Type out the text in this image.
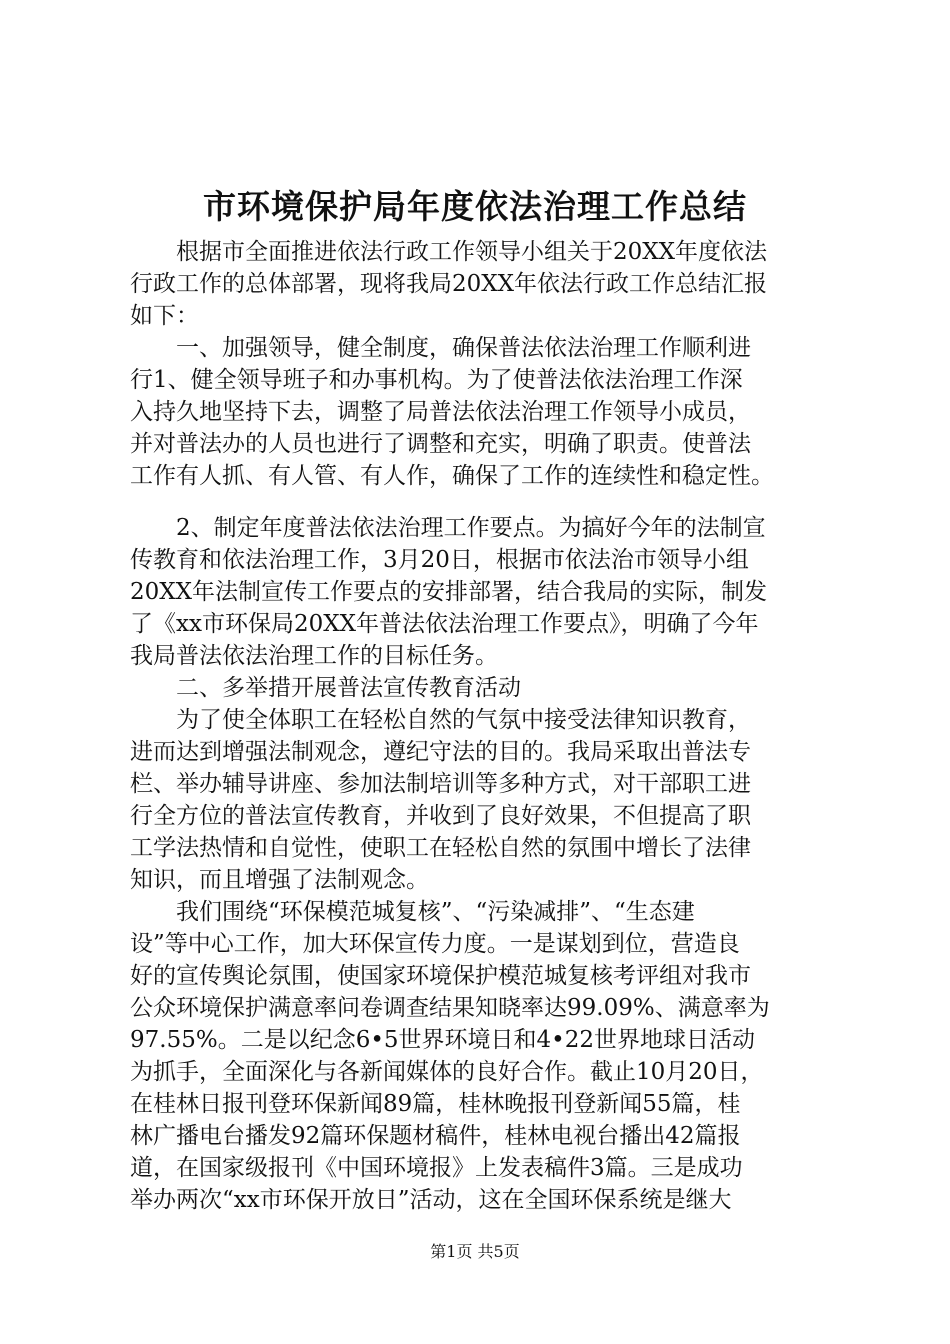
市环境保护局年度依法治理工作总结
　　根据市全面推进依法行政工作领导小组关于20XX年度依法
行政工作的总体部署，现将我局20XX年依法行政工作总结汇报
如下：
　　一、加强领导，健全制度，确保普法依法治理工作顺利进
行1、健全领导班子和办事机构。为了使普法依法治理工作深
入持久地坚持下去，调整了局普法依法治理工作领导小成员，
并对普法办的人员也进行了调整和充实，明确了职责。使普法
工作有人抓、有人管、有人作，确保了工作的连续性和稳定性。
　　2、制定年度普法依法治理工作要点。为搞好今年的法制宣
传教育和依法治理工作，3月20日，根据市依法治市领导小组
20XX年法制宣传工作要点的安排部署，结合我局的实际，制发
了《xx市环保局20XX年普法依法治理工作要点》，明确了今年
我局普法依法治理工作的目标任务。
　　二、多举措开展普法宣传教育活动
　　为了使全体职工在轻松自然的气氛中接受法律知识教育，
进而达到增强法制观念，遵纪守法的目的。我局采取出普法专
栏、举办辅导讲座、参加法制培训等多种方式，对干部职工进
行全方位的普法宣传教育，并收到了良好效果，不但提高了职
工学法热情和自觉性，使职工在轻松自然的氛围中增长了法律
知识，而且增强了法制观念。
　　我们围绕“环保模范城复核”、“污染减排”、“生态建
设”等中心工作，加大环保宣传力度。一是谋划到位，营造良
好的宣传舆论氛围，使国家环境保护模范城复核考评组对我市
公众环境保护满意率问卷调查结果知晓率达99.09%、满意率为
97.55%。二是以纪念6•5世界环境日和4•22世界地球日活动
为抓手，全面深化与各新闻媒体的良好合作。截止10月20日，
在桂林日报刊登环保新闻89篇，桂林晚报刊登新闻55篇，桂
林广播电台播发92篇环保题材稿件，桂林电视台播出42篇报
道，在国家级报刊《中国环境报》上发表稿件3篇。三是成功
举办两次“xx市环保开放日”活动，这在全国环保系统是继大
第1页 共5页
